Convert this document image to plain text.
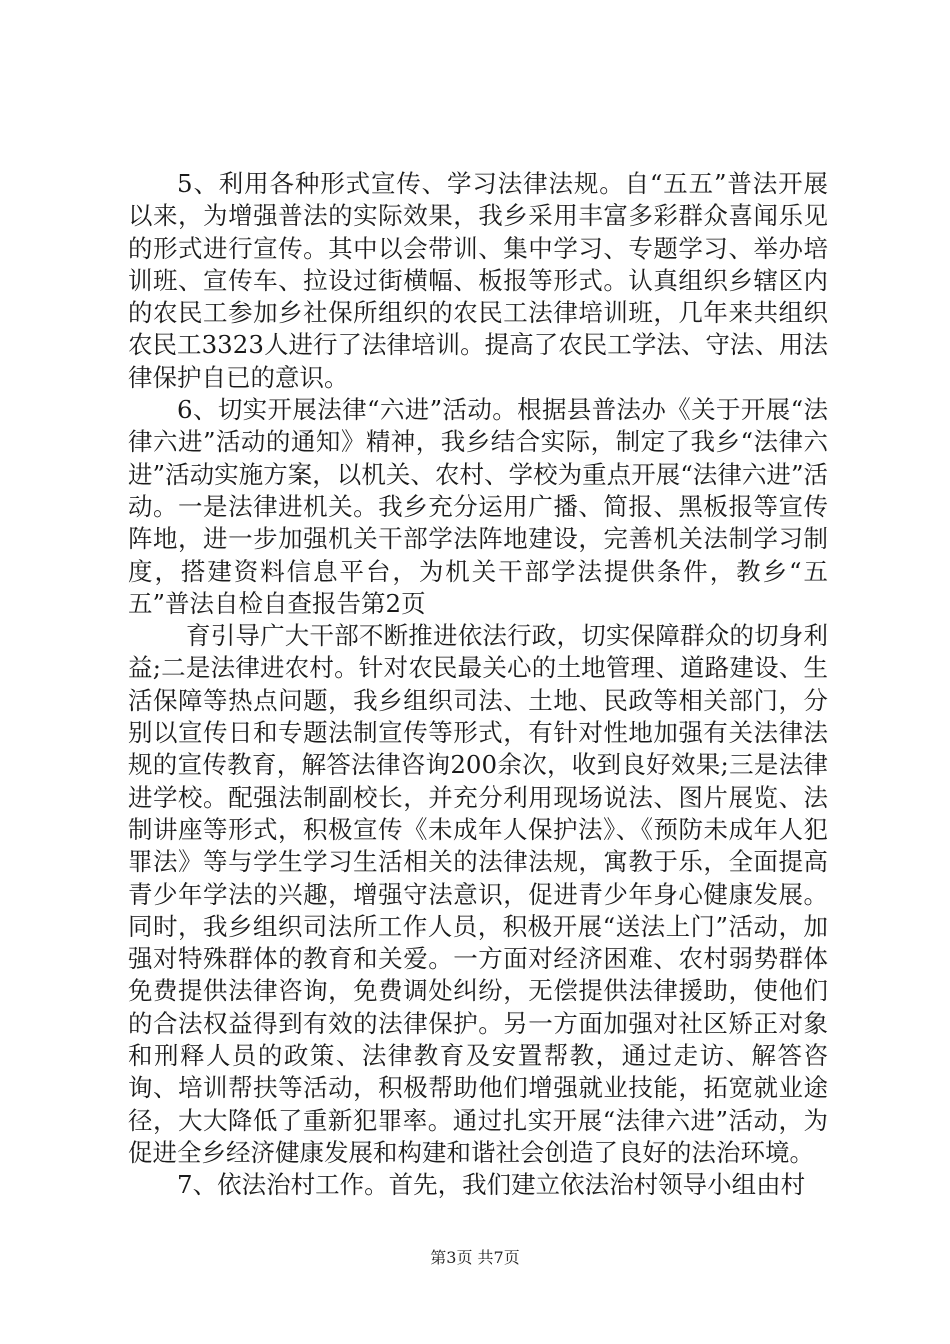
5、利用各种形式宣传、学习法律法规。自“五五”普法开展以来，为增强普法的实际效果，我乡采用丰富多彩群众喜闻乐见的形式进行宣传。其中以会带训、集中学习、专题学习、举办培训班、宣传车、拉设过街横幅、板报等形式。认真组织乡辖区内的农民工参加乡社保所组织的农民工法律培训班，几年来共组织农民工3323人进行了法律培训。提高了农民工学法、守法、用法律保护自已的意识。

6、切实开展法律“六进”活动。根据县普法办《关于开展“法律六进”活动的通知》精神，我乡结合实际，制定了我乡“法律六进”活动实施方案，以机关、农村、学校为重点开展“法律六进”活动。一是法律进机关。我乡充分运用广播、简报、黑板报等宣传阵地，进一步加强机关干部学法阵地建设，完善机关法制学习制度，搭建资料信息平台，为机关干部学法提供条件，教乡“五五”普法自检自查报告第2页

育引导广大干部不断推进依法行政，切实保障群众的切身利益;二是法律进农村。针对农民最关心的土地管理、道路建设、生活保障等热点问题，我乡组织司法、土地、民政等相关部门，分别以宣传日和专题法制宣传等形式，有针对性地加强有关法律法规的宣传教育，解答法律咨询200余次，收到良好效果;三是法律进学校。配强法制副校长，并充分利用现场说法、图片展览、法制讲座等形式，积极宣传《未成年人保护法》、《预防未成年人犯罪法》等与学生学习生活相关的法律法规，寓教于乐，全面提高青少年学法的兴趣，增强守法意识，促进青少年身心健康发展。同时，我乡组织司法所工作人员，积极开展“送法上门”活动，加强对特殊群体的教育和关爱。一方面对经济困难、农村弱势群体免费提供法律咨询，免费调处纠纷，无偿提供法律援助，使他们的合法权益得到有效的法律保护。另一方面加强对社区矫正对象和刑释人员的政策、法律教育及安置帮教，通过走访、解答咨询、培训帮扶等活动，积极帮助他们增强就业技能，拓宽就业途径，大大降低了重新犯罪率。通过扎实开展“法律六进”活动，为促进全乡经济健康发展和构建和谐社会创造了良好的法治环境。

7、依法治村工作。首先，我们建立依法治村领导小组由村

第3页 共7页
